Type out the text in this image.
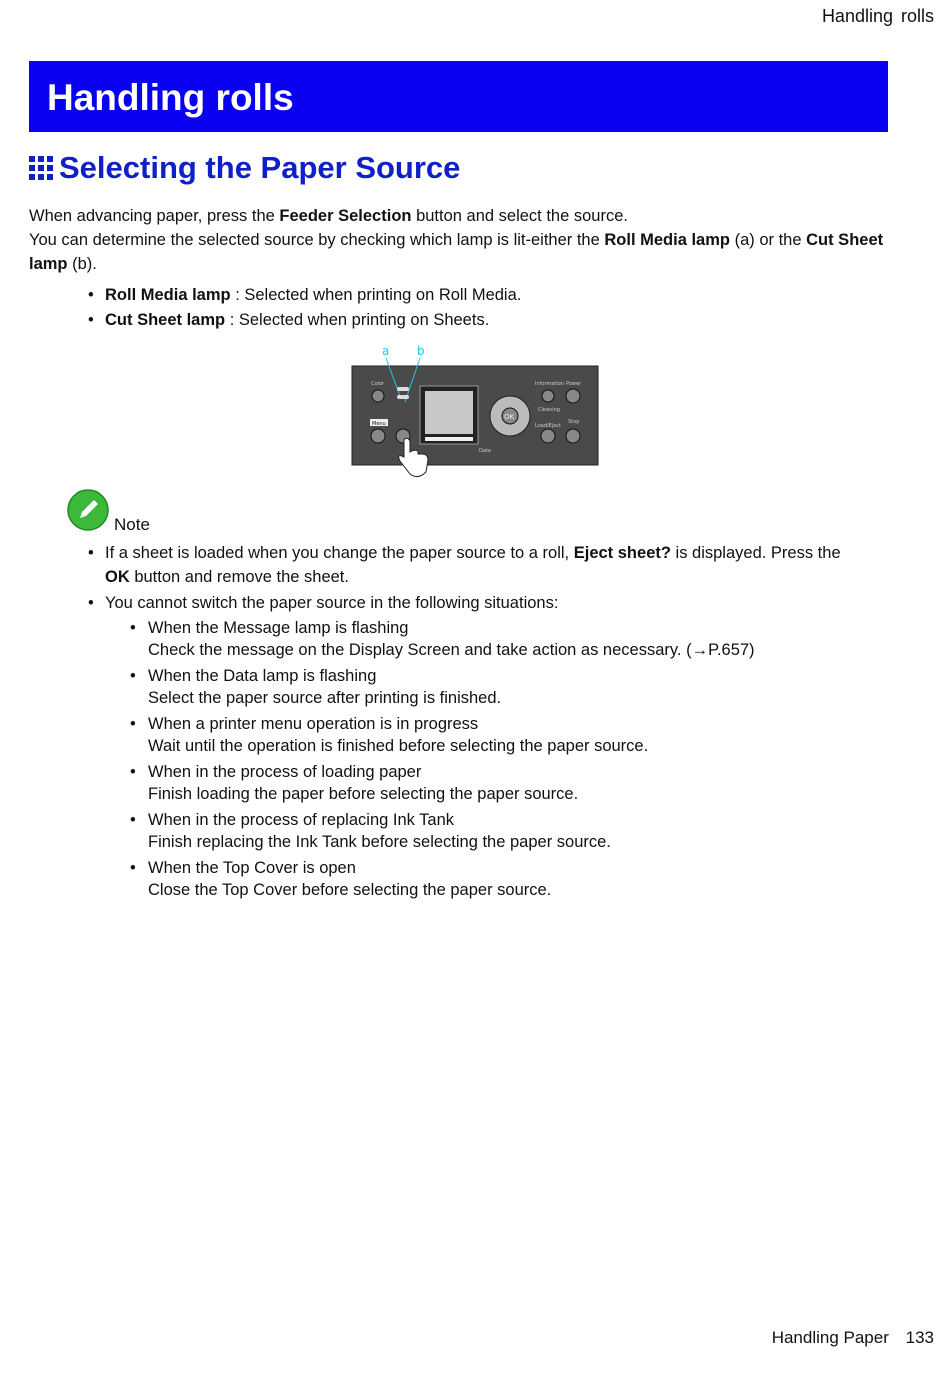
Handling rolls
Handling rolls
Selecting the Paper Source

When advancing paper, press the Feeder Selection button and select the source.

You can determine the selected source by checking which lamp is lit-either the Roll Media lamp (a) or the Cut Sheet lamp (b).

• Roll Media lamp : Selected when printing on Roll Media.
• Cut Sheet lamp : Selected when printing on Sheets.
a b
Color
Menu
OK
Data
Information Power
Cleaning
Load/Eject
Stop
Note
• If a sheet is loaded when you change the paper source to a roll, Eject sheet? is displayed. Press the OK button and remove the sheet.
• You cannot switch the paper source in the following situations:
• When the Message lamp is flashing
Check the message on the Display Screen and take action as necessary. (→P.657)
• When the Data lamp is flashing
Select the paper source after printing is finished.
• When a printer menu operation is in progress
Wait until the operation is finished before selecting the paper source.
• When in the process of loading paper
Finish loading the paper before selecting the paper source.
• When in the process of replacing Ink Tank
Finish replacing the Ink Tank before selecting the paper source.
• When the Top Cover is open
Close the Top Cover before selecting the paper source.
Handling Paper 133
